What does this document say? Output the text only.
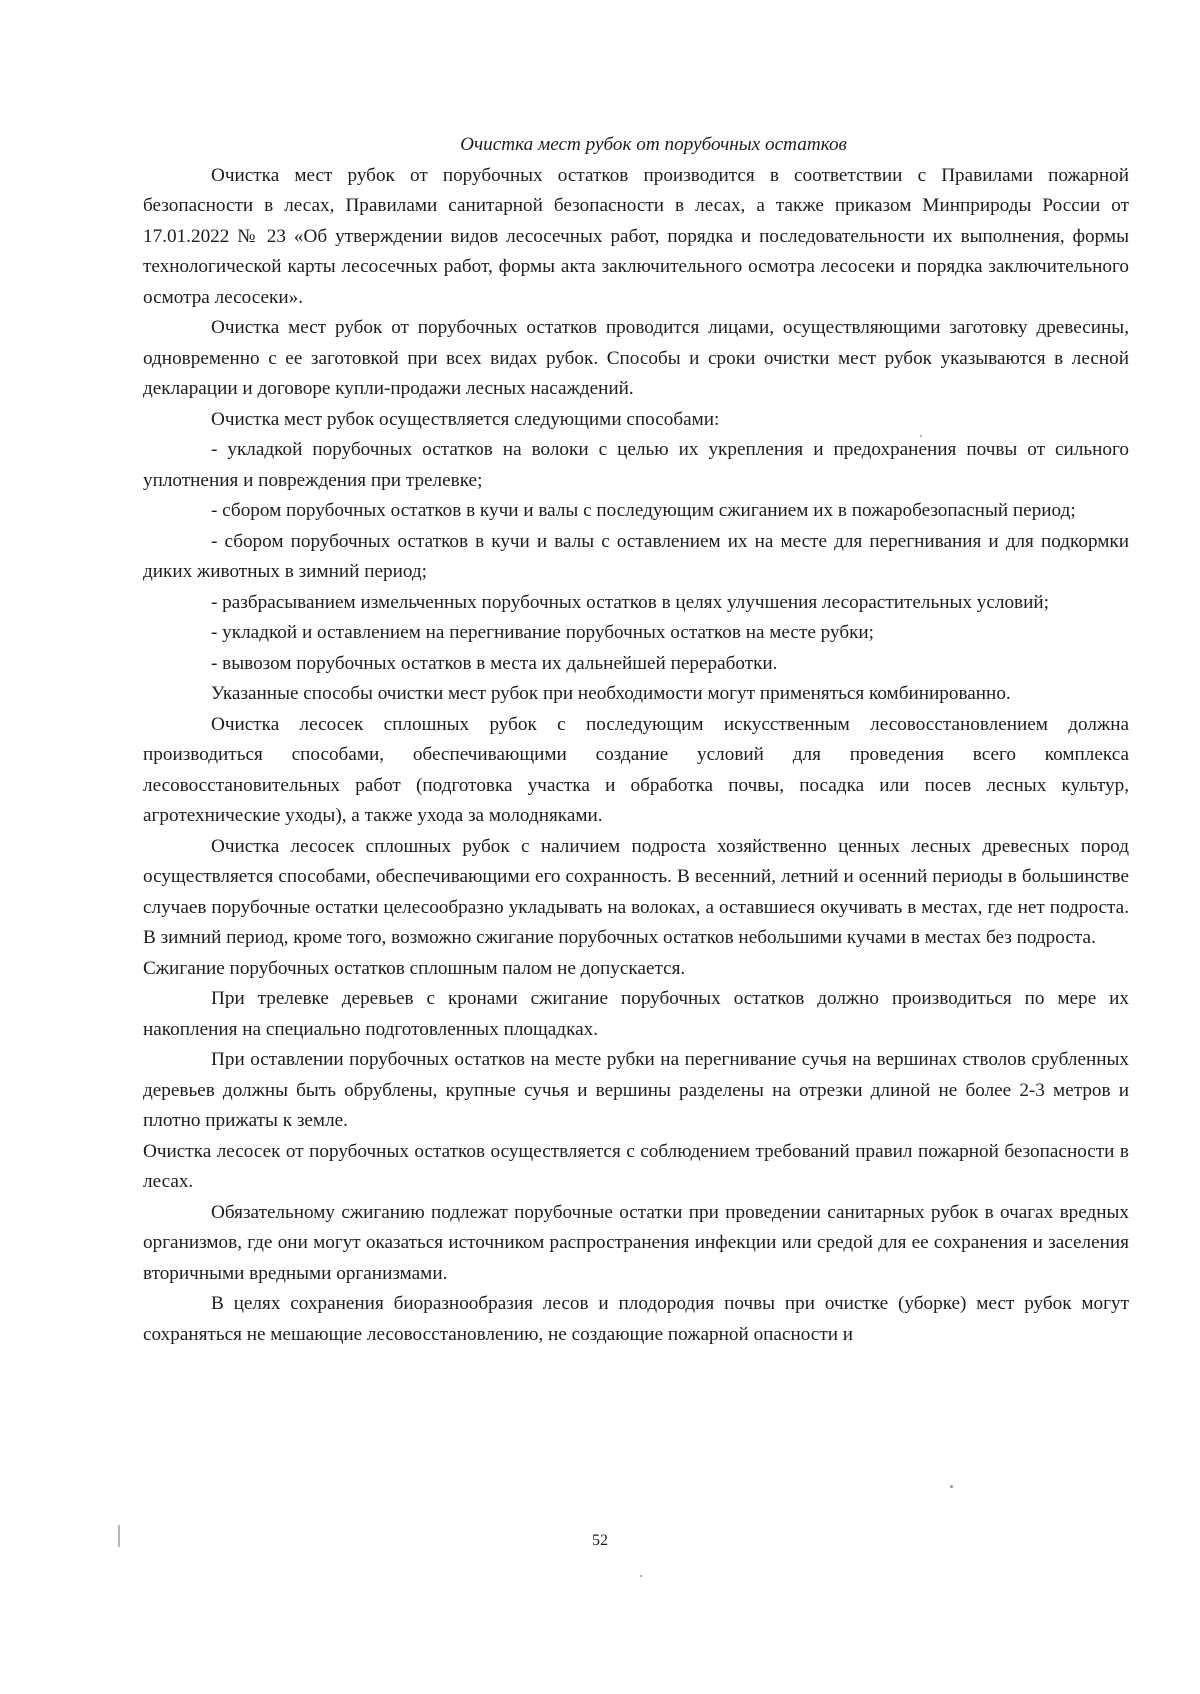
Очистка мест рубок от порубочных остатков

Очистка мест рубок от порубочных остатков производится в соответствии с Правилами пожарной безопасности в лесах, Правилами санитарной безопасности в лесах, а также приказом Минприроды России от 17.01.2022 № 23 «Об утверждении видов лесосечных работ, порядка и последовательности их выполнения, формы технологической карты лесосечных работ, формы акта заключительного осмотра лесосеки и порядка заключительного осмотра лесосеки».

Очистка мест рубок от порубочных остатков проводится лицами, осуществляющими заготовку древесины, одновременно с ее заготовкой при всех видах рубок. Способы и сроки очистки мест рубок указываются в лесной декларации и договоре купли-продажи лесных насаждений.

Очистка мест рубок осуществляется следующими способами:

- укладкой порубочных остатков на волоки с целью их укрепления и предохранения почвы от сильного уплотнения и повреждения при трелевке;

- сбором порубочных остатков в кучи и валы с последующим сжиганием их в пожаробезопасный период;

- сбором порубочных остатков в кучи и валы с оставлением их на месте для перегнивания и для подкормки диких животных в зимний период;

- разбрасыванием измельченных порубочных остатков в целях улучшения лесорастительных условий;

- укладкой и оставлением на перегнивание порубочных остатков на месте рубки;

- вывозом порубочных остатков в места их дальнейшей переработки.

Указанные способы очистки мест рубок при необходимости могут применяться комбинированно.

Очистка лесосек сплошных рубок с последующим искусственным лесовосстановлением должна производиться способами, обеспечивающими создание условий для проведения всего комплекса лесовосстановительных работ (подготовка участка и обработка почвы, посадка или посев лесных культур, агротехнические уходы), а также ухода за молодняками.

Очистка лесосек сплошных рубок с наличием подроста хозяйственно ценных лесных древесных пород осуществляется способами, обеспечивающими его сохранность. В весенний, летний и осенний периоды в большинстве случаев порубочные остатки целесообразно укладывать на волоках, а оставшиеся окучивать в местах, где нет подроста. В зимний период, кроме того, возможно сжигание порубочных остатков небольшими кучами в местах без подроста.

Сжигание порубочных остатков сплошным палом не допускается.

При трелевке деревьев с кронами сжигание порубочных остатков должно производиться по мере их накопления на специально подготовленных площадках.

При оставлении порубочных остатков на месте рубки на перегнивание сучья на вершинах стволов срубленных деревьев должны быть обрублены, крупные сучья и вершины разделены на отрезки длиной не более 2-3 метров и плотно прижаты к земле.

Очистка лесосек от порубочных остатков осуществляется с соблюдением требований правил пожарной безопасности в лесах.

Обязательному сжиганию подлежат порубочные остатки при проведении санитарных рубок в очагах вредных организмов, где они могут оказаться источником распространения инфекции или средой для ее сохранения и заселения вторичными вредными организмами.

В целях сохранения биоразнообразия лесов и плодородия почвы при очистке (уборке) мест рубок могут сохраняться не мешающие лесовосстановлению, не создающие пожарной опасности и

52
